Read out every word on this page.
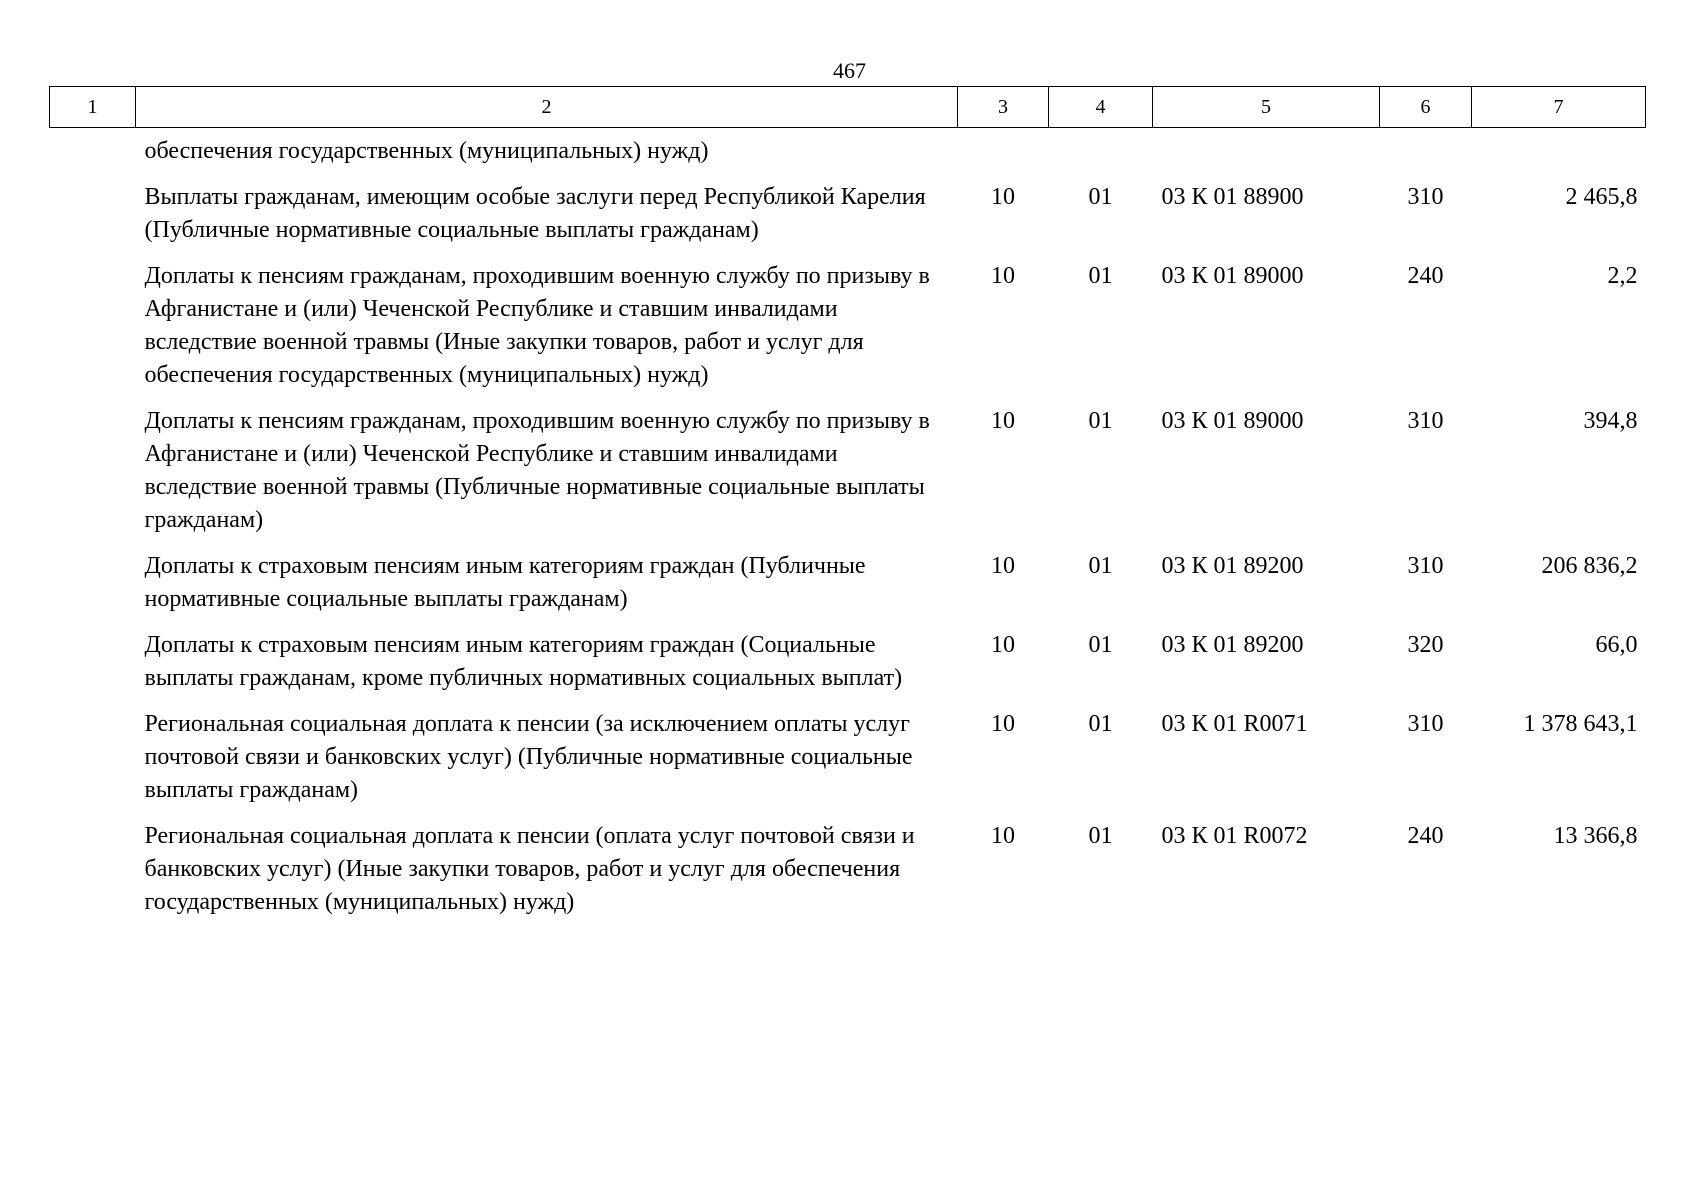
467
1	2	3	4	5	6	7
	обеспечения государственных (муниципальных) нужд)					
	Выплаты гражданам, имеющим особые заслуги перед Республикой Карелия (Публичные нормативные социальные выплаты гражданам)	10	01	03 К 01 88900	310	2 465,8
	Доплаты к пенсиям гражданам, проходившим военную службу по призыву в Афганистане и (или) Чеченской Республике и ставшим инвалидами вследствие военной травмы (Иные закупки товаров, работ и услуг для обеспечения государственных (муниципальных) нужд)	10	01	03 К 01 89000	240	2,2
	Доплаты к пенсиям гражданам, проходившим военную службу по призыву в Афганистане и (или) Чеченской Республике и ставшим инвалидами вследствие военной травмы (Публичные нормативные социальные выплаты гражданам)	10	01	03 К 01 89000	310	394,8
	Доплаты к страховым пенсиям иным категориям граждан (Публичные нормативные социальные выплаты гражданам)	10	01	03 К 01 89200	310	206 836,2
	Доплаты к страховым пенсиям иным категориям граждан (Социальные выплаты гражданам, кроме публичных нормативных социальных выплат)	10	01	03 К 01 89200	320	66,0
	Региональная социальная доплата к пенсии (за исключением оплаты услуг почтовой связи и банковских услуг) (Публичные нормативные социальные выплаты гражданам)	10	01	03 К 01 R0071	310	1 378 643,1
	Региональная социальная доплата к пенсии (оплата услуг почтовой связи и банковских услуг) (Иные закупки товаров, работ и услуг для обеспечения государственных (муниципальных) нужд)	10	01	03 К 01 R0072	240	13 366,8
